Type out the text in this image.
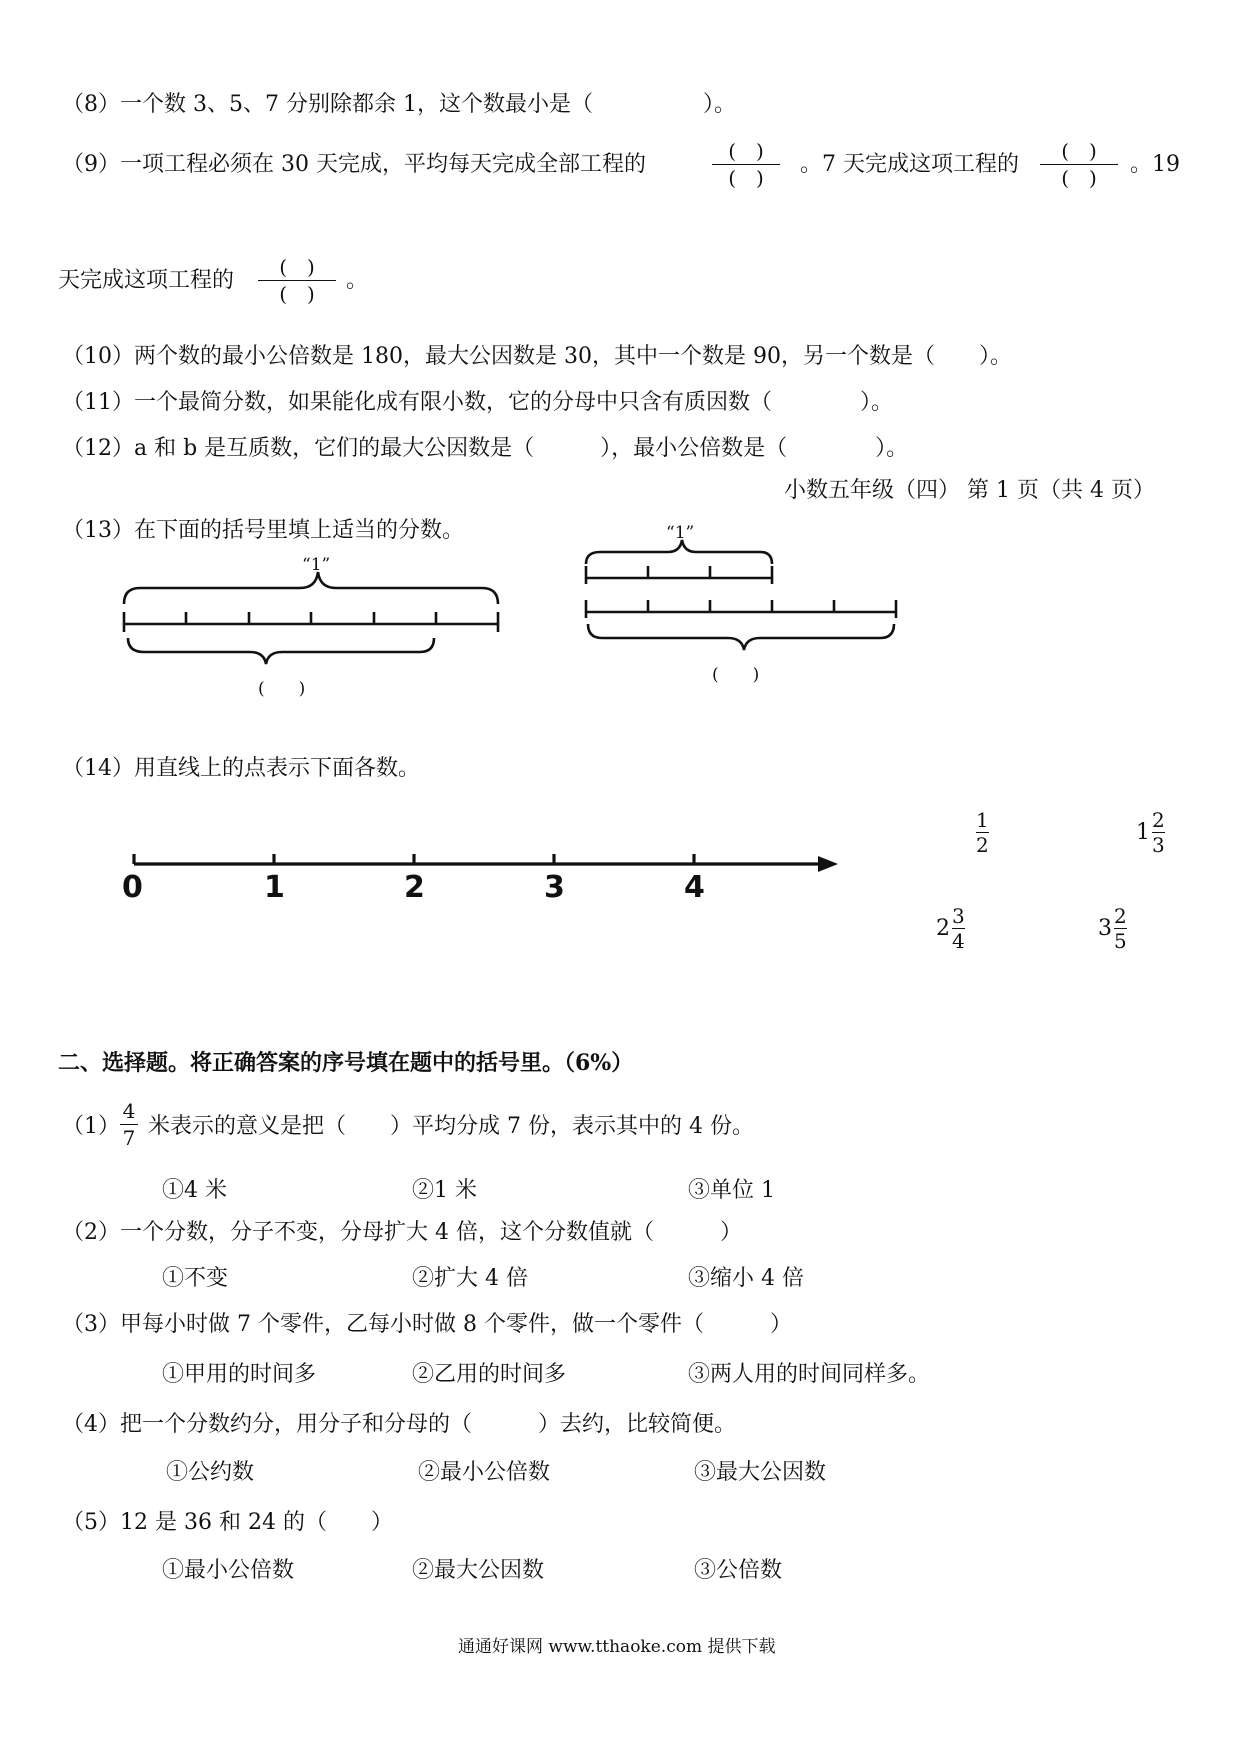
（8）一个数 3、5、7 分别除都余 1，这个数最小是（　　　　　）。
（9）一项工程必须在 30 天完成，平均每天完成全部工程的
(　)
(　)
。7 天完成这项工程的
(　)
(　)
。19
天完成这项工程的
(　)
(　)
。
（10）两个数的最小公倍数是 180，最大公因数是 30，其中一个数是 90，另一个数是（　　）。
（11）一个最简分数，如果能化成有限小数，它的分母中只含有质因数（　　　　）。
（12）a 和 b 是互质数，它们的最大公因数是（　　　），最小公倍数是（　　　　）。
小数五年级（四） 第 1 页（共 4 页）
（13）在下面的括号里填上适当的分数。
“1”
“1”
(　　)
(　　)
（14）用直线上的点表示下面各数。
0	1	2	3	4
1
2	1 2
3
2 3
4	3 2
5
二、选择题。将正确答案的序号填在题中的括号里。（6%）
（1）
4
7 米表示的意义是把（　　）平均分成 7 份，表示其中的 4 份。
①4 米	②1 米	③单位 1
（2）一个分数，分子不变，分母扩大 4 倍，这个分数值就（　　　）
①不变	②扩大 4 倍	③缩小 4 倍
（3）甲每小时做 7 个零件，乙每小时做 8 个零件，做一个零件（　　　）
①甲用的时间多	②乙用的时间多	③两人用的时间同样多。
（4）把一个分数约分，用分子和分母的（　　　）去约，比较简便。
①公约数	②最小公倍数	③最大公因数
（5）12 是 36 和 24 的（　　）
①最小公倍数	②最大公因数	③公倍数
通通好课网 www.tthaoke.com 提供下载
